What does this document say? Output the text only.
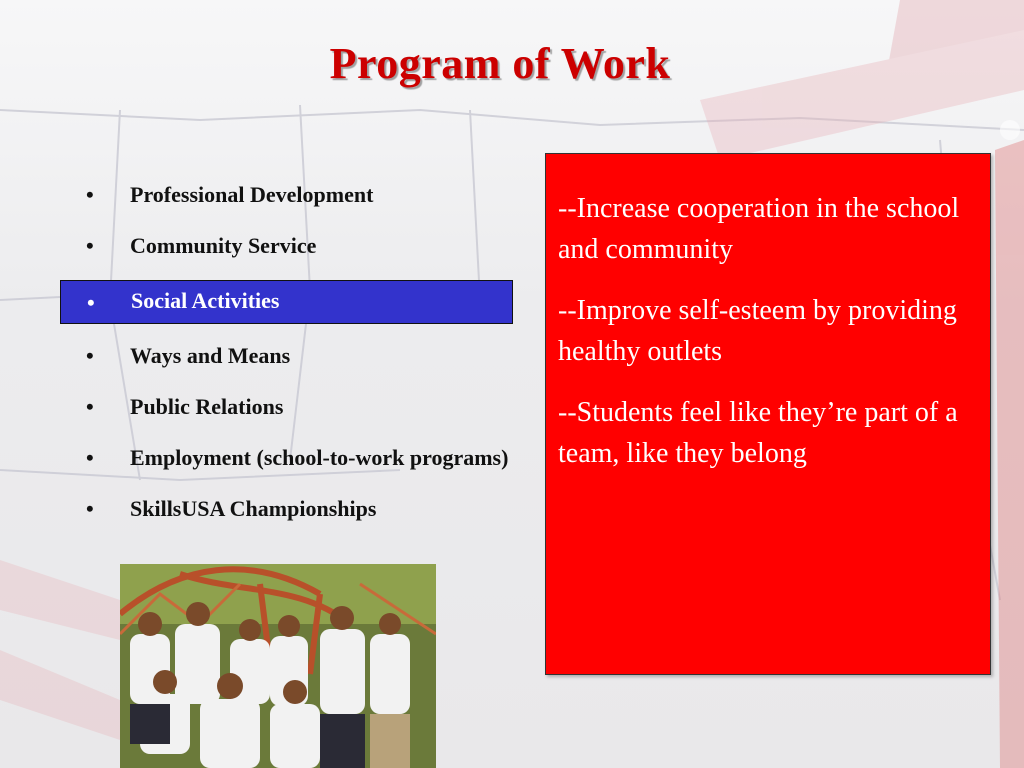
Program of Work
• Professional Development
• Community Service
• Social Activities
• Ways and Means
• Public Relations
• Employment (school-to-work programs)
• SkillsUSA Championships

--Increase cooperation in the school and community

--Improve self-esteem by providing healthy outlets

--Students feel like they’re part of a team, like they belong
